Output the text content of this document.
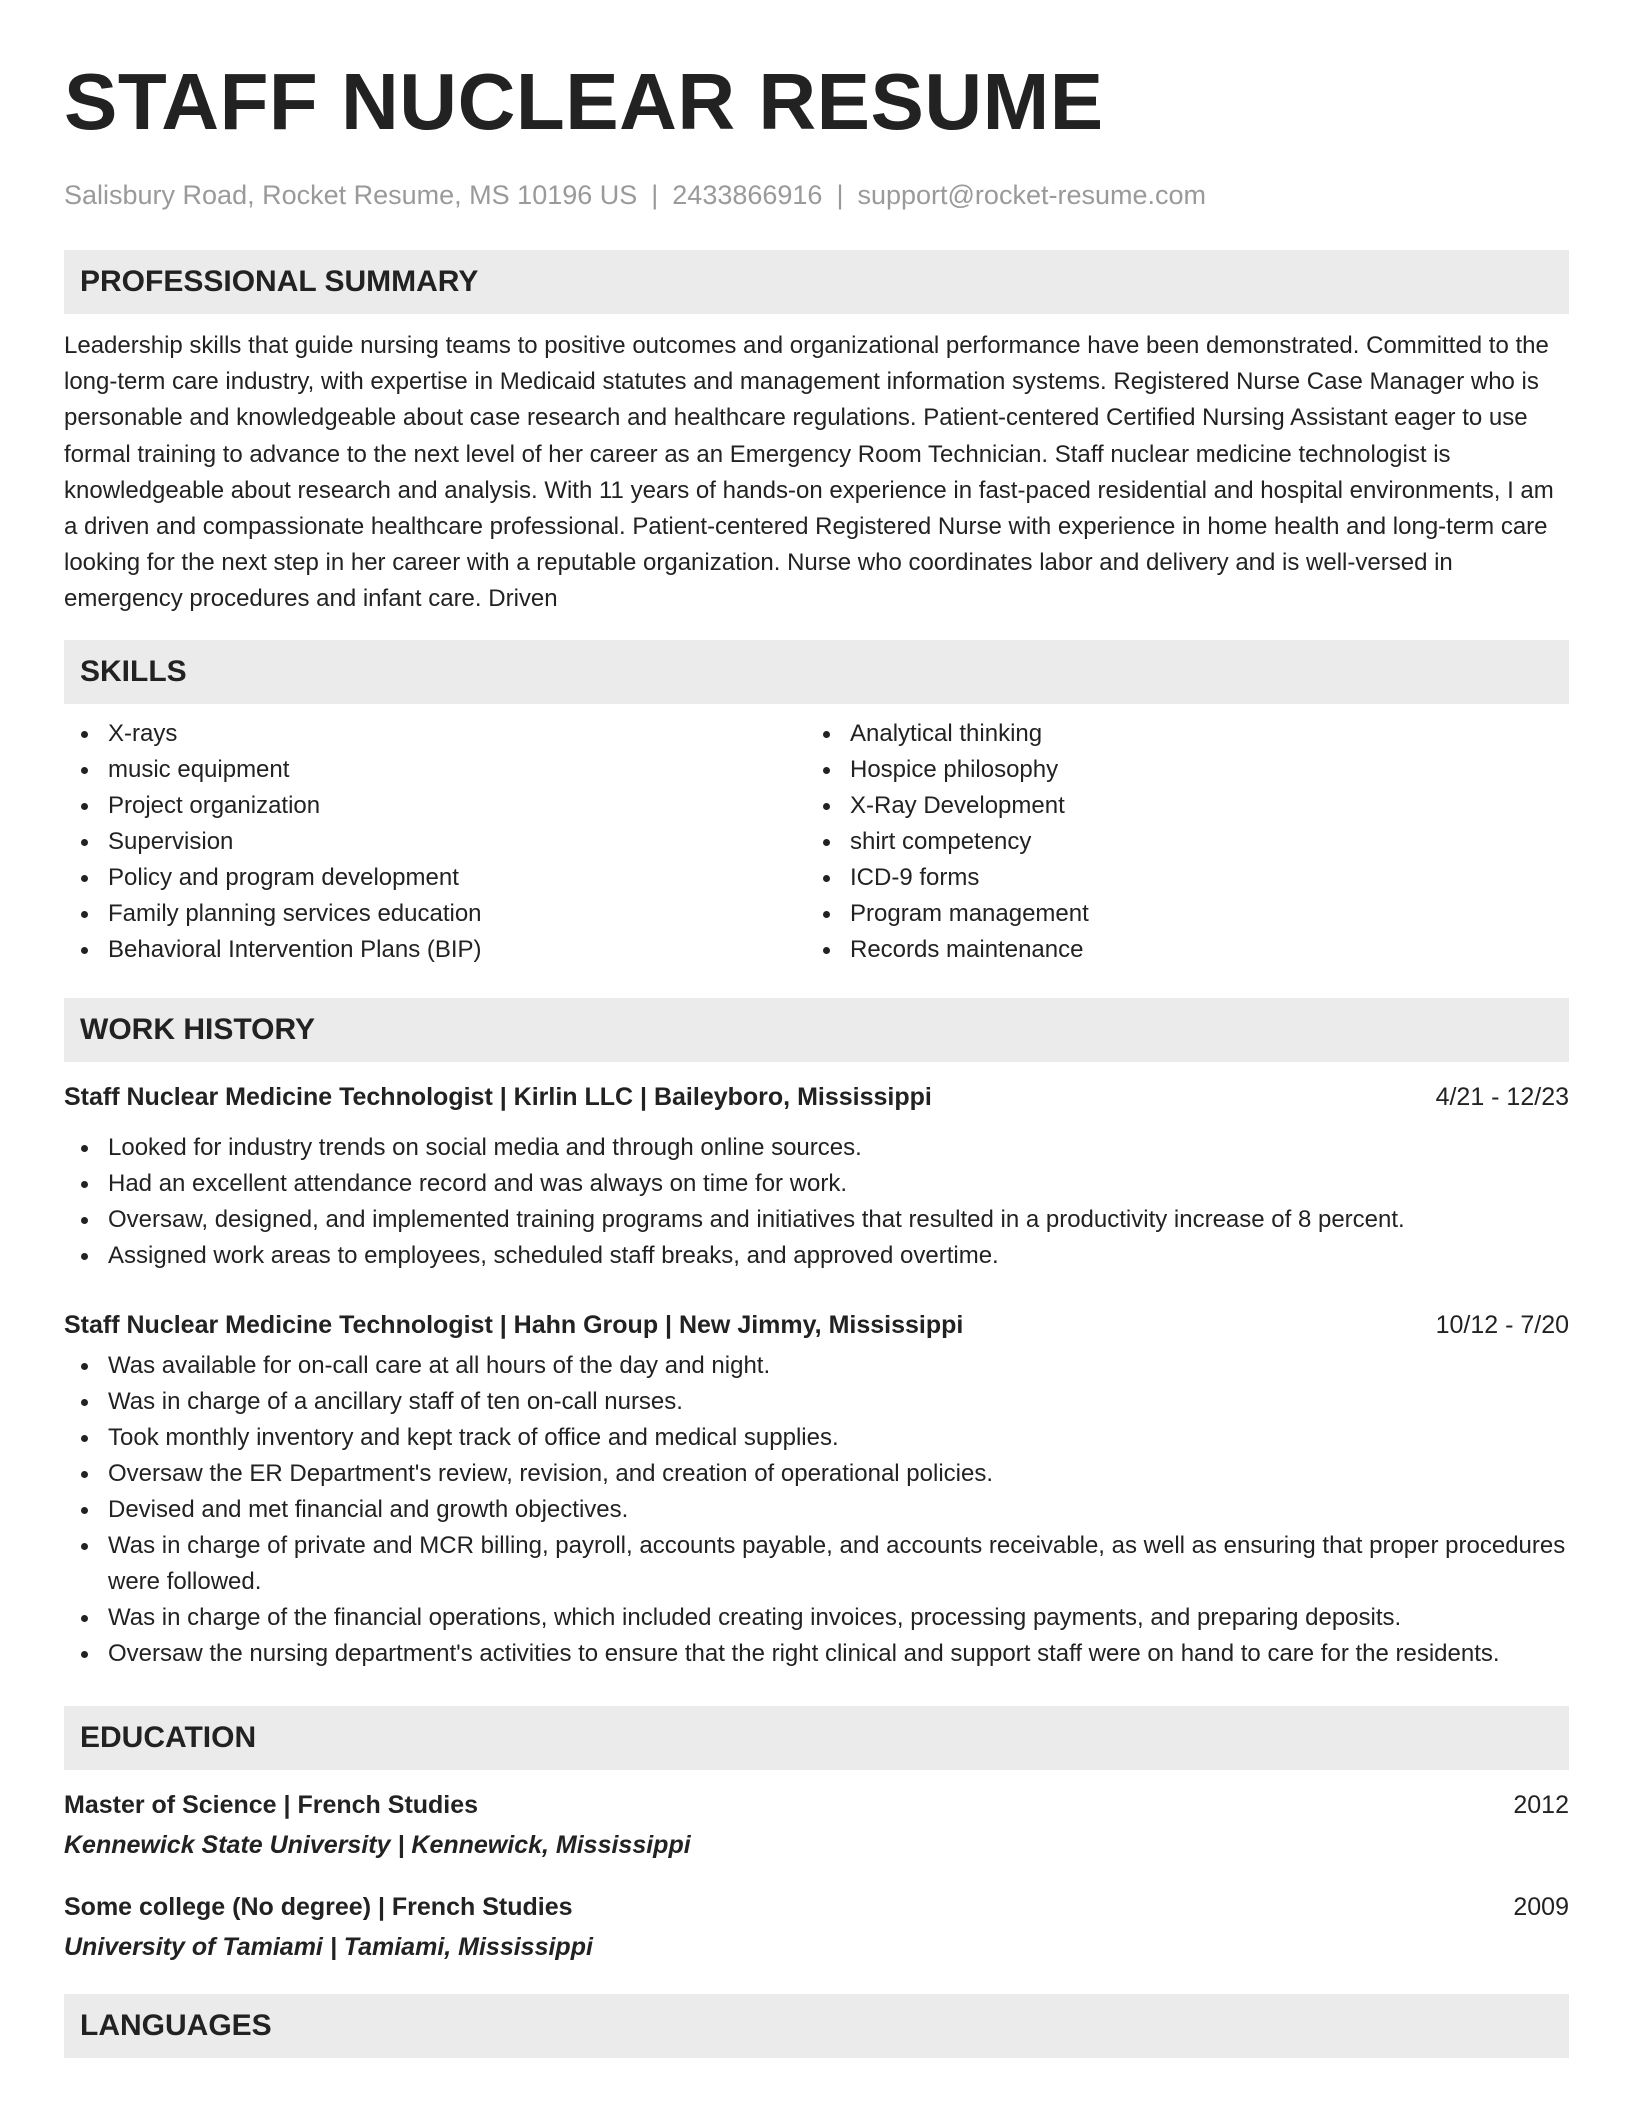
STAFF NUCLEAR RESUME
Salisbury Road, Rocket Resume, MS 10196 US | 2433866916 | support@rocket-resume.com
PROFESSIONAL SUMMARY

Leadership skills that guide nursing teams to positive outcomes and organizational performance have been demonstrated. Committed to the long-term care industry, with expertise in Medicaid statutes and management information systems. Registered Nurse Case Manager who is personable and knowledgeable about case research and healthcare regulations. Patient-centered Certified Nursing Assistant eager to use formal training to advance to the next level of her career as an Emergency Room Technician. Staff nuclear medicine technologist is knowledgeable about research and analysis. With 11 years of hands-on experience in fast-paced residential and hospital environments, I am a driven and compassionate healthcare professional. Patient-centered Registered Nurse with experience in home health and long-term care looking for the next step in her career with a reputable organization. Nurse who coordinates labor and delivery and is well-versed in emergency procedures and infant care. Driven

SKILLS
X-rays
music equipment
Project organization
Supervision
Policy and program development
Family planning services education
Behavioral Intervention Plans (BIP)
Analytical thinking
Hospice philosophy
X-Ray Development
shirt competency
ICD-9 forms
Program management
Records maintenance
WORK HISTORY
Staff Nuclear Medicine Technologist | Kirlin LLC | Baileyboro, Mississippi	4/21 - 12/23
Looked for industry trends on social media and through online sources.
Had an excellent attendance record and was always on time for work.
Oversaw, designed, and implemented training programs and initiatives that resulted in a productivity increase of 8 percent.
Assigned work areas to employees, scheduled staff breaks, and approved overtime.
Staff Nuclear Medicine Technologist | Hahn Group | New Jimmy, Mississippi	10/12 - 7/20
Was available for on-call care at all hours of the day and night.
Was in charge of a ancillary staff of ten on-call nurses.
Took monthly inventory and kept track of office and medical supplies.
Oversaw the ER Department's review, revision, and creation of operational policies.
Devised and met financial and growth objectives.
Was in charge of private and MCR billing, payroll, accounts payable, and accounts receivable, as well as ensuring that proper procedures were followed.
Was in charge of the financial operations, which included creating invoices, processing payments, and preparing deposits.
Oversaw the nursing department's activities to ensure that the right clinical and support staff were on hand to care for the residents.
EDUCATION
Master of Science | French Studies	2012
Kennewick State University | Kennewick, Mississippi
Some college (No degree) | French Studies	2009
University of Tamiami | Tamiami, Mississippi
LANGUAGES
